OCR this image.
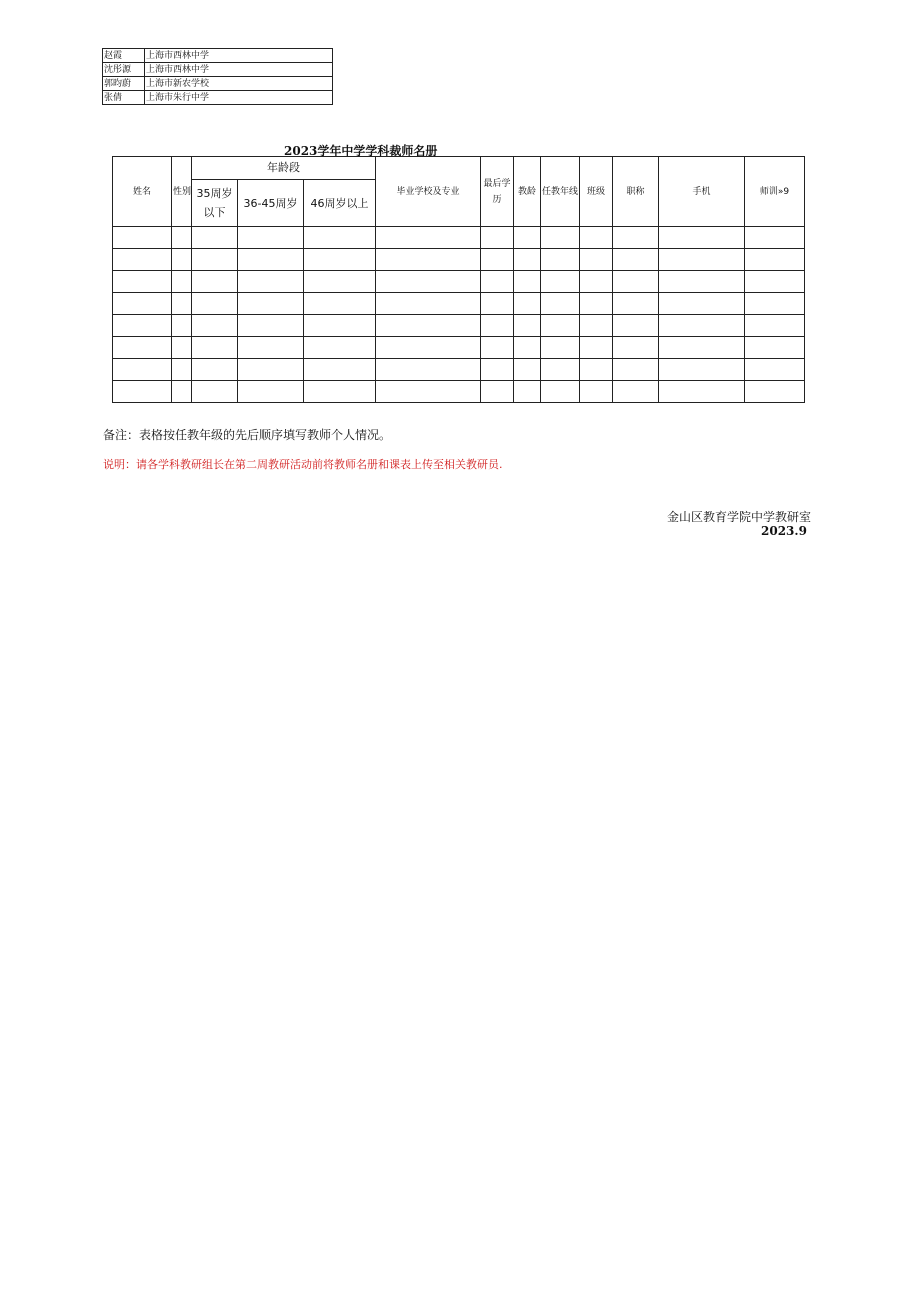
赵霞	上海市西林中学
沈彤源	上海市西林中学
郭昀蔚	上海市新农学校
张倩	上海市朱行中学
2023学年中学学科裁师名册
姓名	性别	年龄段			毕业学校及专业	最后学历	教龄	任教年线	班级	职称	手机	师训»9
		35周岁以下	36-45周岁	46周岁以上								

备注：表格按任教年级的先后顺序填写教师个人情况。
说明：请各学科教研组长在第二周教研活动前将教师名册和课表上传至相关教研员.
金山区教育学院中学教研室
2023.9
